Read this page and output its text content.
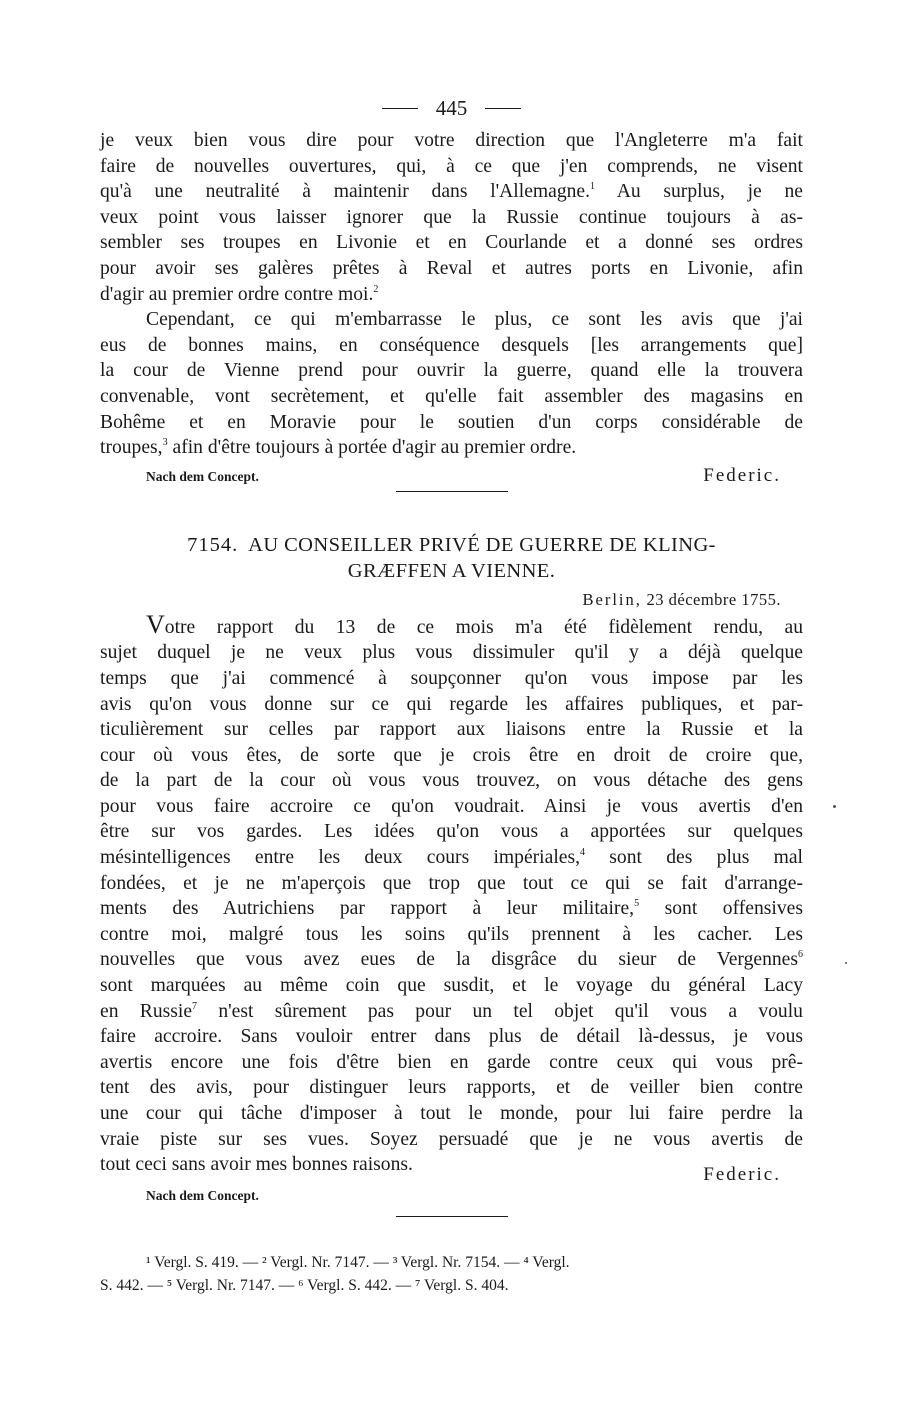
445

je veux bien vous dire pour votre direction que l'Angleterre m'a fait

faire de nouvelles ouvertures, qui, à ce que j'en comprends, ne visent

qu'à une neutralité à maintenir dans l'Allemagne.$^1$ Au surplus, je ne

veux point vous laisser ignorer que la Russie continue toujours à as-

sembler ses troupes en Livonie et en Courlande et a donné ses ordres

pour avoir ses galères prêtes à Reval et autres ports en Livonie, afin

d'agir au premier ordre contre moi.$^2$

Cependant, ce qui m'embarrasse le plus, ce sont les avis que j'ai

eus de bonnes mains, en conséquence desquels [les arrangements que]

la cour de Vienne prend pour ouvrir la guerre, quand elle la trouvera

convenable, vont secrètement, et qu'elle fait assembler des magasins en

Bohême et en Moravie pour le soutien d'un corps considérable de

troupes,$^3$ afin d'être toujours à portée d'agir au premier ordre.

Nach dem Concept.	Federic.
7154. AU CONSEILLER PRIVÉ DE GUERRE DE KLING-
GRÆFFEN A VIENNE.
Berlin, 23 décembre 1755.

Votre rapport du 13 de ce mois m'a été fidèlement rendu, au

sujet duquel je ne veux plus vous dissimuler qu'il y a déjà quelque

temps que j'ai commencé à soupçonner qu'on vous impose par les

avis qu'on vous donne sur ce qui regarde les affaires publiques, et par-

ticulièrement sur celles par rapport aux liaisons entre la Russie et la

cour où vous êtes, de sorte que je crois être en droit de croire que,

de la part de la cour où vous vous trouvez, on vous détache des gens

pour vous faire accroire ce qu'on voudrait. Ainsi je vous avertis d'en

être sur vos gardes. Les idées qu'on vous a apportées sur quelques

mésintelligences entre les deux cours impériales,$^4$ sont des plus mal

fondées, et je ne m'aperçois que trop que tout ce qui se fait d'arrange-

ments des Autrichiens par rapport à leur militaire,$^5$ sont offensives

contre moi, malgré tous les soins qu'ils prennent à les cacher. Les

nouvelles que vous avez eues de la disgrâce du sieur de Vergennes$^6$

sont marquées au même coin que susdit, et le voyage du général Lacy

en Russie$^7$ n'est sûrement pas pour un tel objet qu'il vous a voulu

faire accroire. Sans vouloir entrer dans plus de détail là-dessus, je vous

avertis encore une fois d'être bien en garde contre ceux qui vous prê-

tent des avis, pour distinguer leurs rapports, et de veiller bien contre

une cour qui tâche d'imposer à tout le monde, pour lui faire perdre la

vraie piste sur ses vues. Soyez persuadé que je ne vous avertis de

tout ceci sans avoir mes bonnes raisons.	Federic.
Nach dem Concept.
¹ Vergl. S. 419. — ² Vergl. Nr. 7147. — ³ Vergl. Nr. 7154. — ⁴ Vergl.
S. 442. — ⁵ Vergl. Nr. 7147. — ⁶ Vergl. S. 442. — ⁷ Vergl. S. 404.
